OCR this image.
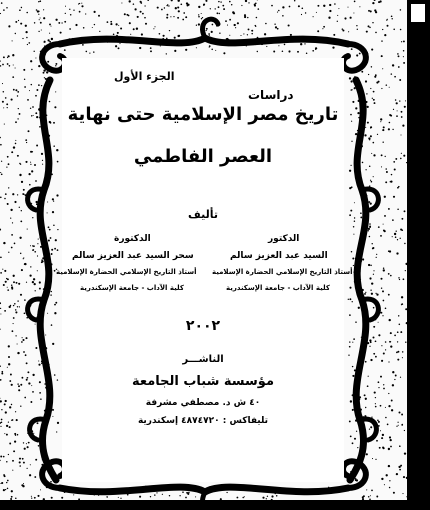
الجزء الأول
دراسات
تاريخ مصر الإسلامية حتى نهاية
العصر الفاطمي
تأليف
الدكتور
الدكتورة
السيد عبد العزيز سالم
سحر السيد عبد العزيز سالم
أستاذ التاريخ الإسلامي الحضارة الإسلامية
أستاذ التاريخ الإسلامي الحضارة الإسلامية
كلية الآداب - جامعة الإسكندرية
كلية الآداب - جامعة الإسكندرية
٢٠٠٢
الناشـــر
مؤسسة شباب الجامعة
٤٠ ش د. مصطفي مشرفة
تليفاكس : ٤٨٧٤٧٢٠ إسكندرية
